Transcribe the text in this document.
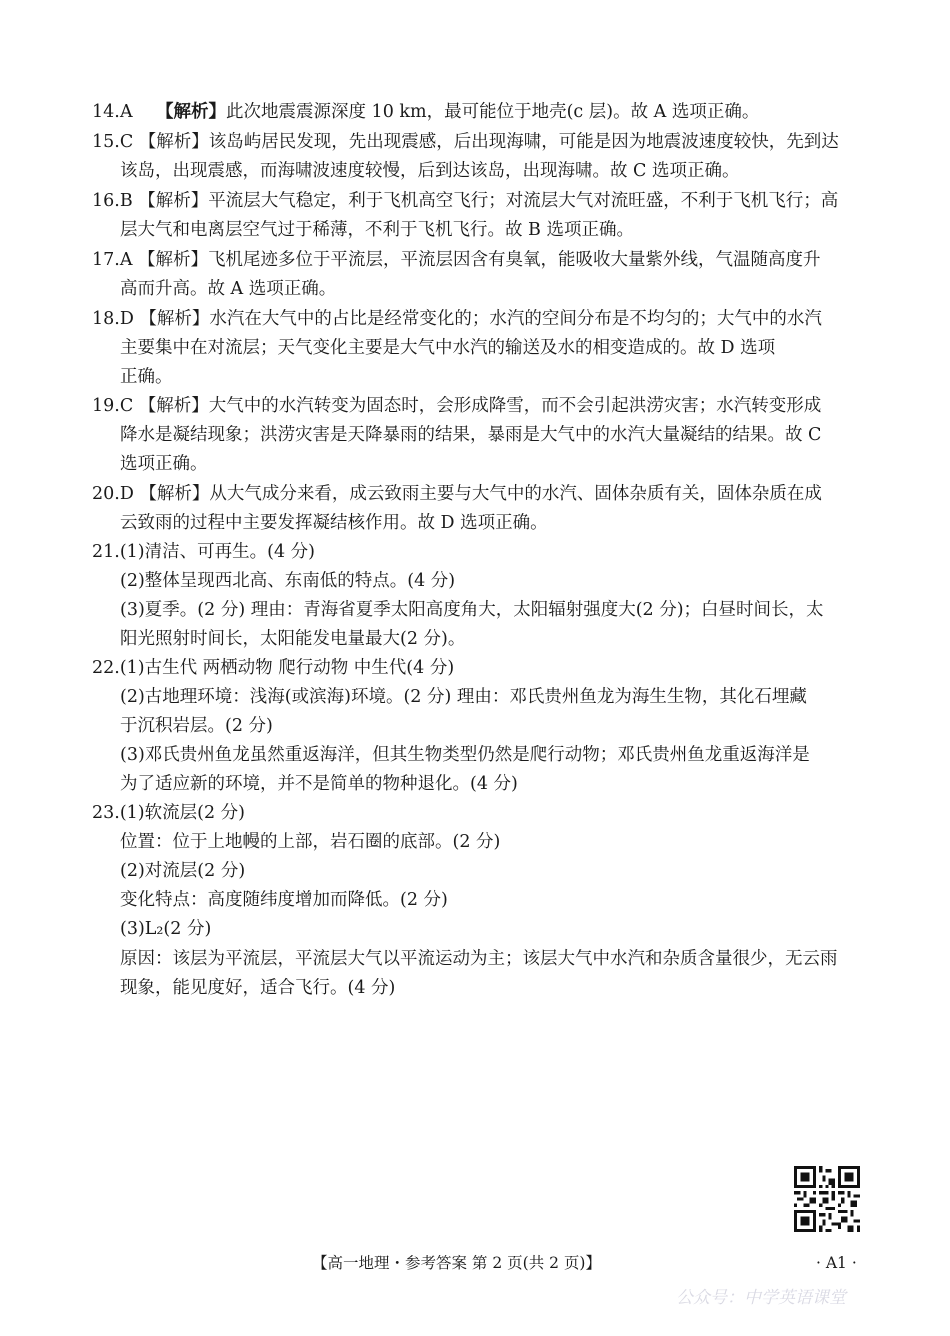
14.A 【解析】此次地震震源深度 10 km，最可能位于地壳(c 层)。故 A 选项正确。
15.C 【解析】该岛屿居民发现，先出现震感，后出现海啸，可能是因为地震波速度较快，先到达
该岛，出现震感，而海啸波速度较慢，后到达该岛，出现海啸。故 C 选项正确。
16.B 【解析】平流层大气稳定，利于飞机高空飞行；对流层大气对流旺盛，不利于飞机飞行；高
层大气和电离层空气过于稀薄，不利于飞机飞行。故 B 选项正确。
17.A 【解析】飞机尾迹多位于平流层，平流层因含有臭氧，能吸收大量紫外线，气温随高度升
高而升高。故 A 选项正确。
18.D 【解析】水汽在大气中的占比是经常变化的；水汽的空间分布是不均匀的；大气中的水汽
主要集中在对流层；天气变化主要是大气中水汽的输送及水的相变造成的。故 D 选项
正确。
19.C 【解析】大气中的水汽转变为固态时，会形成降雪，而不会引起洪涝灾害；水汽转变形成
降水是凝结现象；洪涝灾害是天降暴雨的结果，暴雨是大气中的水汽大量凝结的结果。故 C
选项正确。
20.D 【解析】从大气成分来看，成云致雨主要与大气中的水汽、固体杂质有关，固体杂质在成
云致雨的过程中主要发挥凝结核作用。故 D 选项正确。
21.(1)清洁、可再生。(4 分)
(2)整体呈现西北高、东南低的特点。(4 分)
(3)夏季。(2 分) 理由：青海省夏季太阳高度角大，太阳辐射强度大(2 分)；白昼时间长，太
阳光照射时间长，太阳能发电量最大(2 分)。
22.(1)古生代 两栖动物 爬行动物 中生代(4 分)
(2)古地理环境：浅海(或滨海)环境。(2 分) 理由：邓氏贵州鱼龙为海生生物，其化石埋藏
于沉积岩层。(2 分)
(3)邓氏贵州鱼龙虽然重返海洋，但其生物类型仍然是爬行动物；邓氏贵州鱼龙重返海洋是
为了适应新的环境，并不是简单的物种退化。(4 分)
23.(1)软流层(2 分)
位置：位于上地幔的上部，岩石圈的底部。(2 分)
(2)对流层(2 分)
变化特点：高度随纬度增加而降低。(2 分)
(3)L₂(2 分)
原因：该层为平流层，平流层大气以平流运动为主；该层大气中水汽和杂质含量很少，无云雨
现象，能见度好，适合飞行。(4 分)
【高一地理・参考答案 第 2 页(共 2 页)】	· A1 ·
公众号：中学英语课堂
